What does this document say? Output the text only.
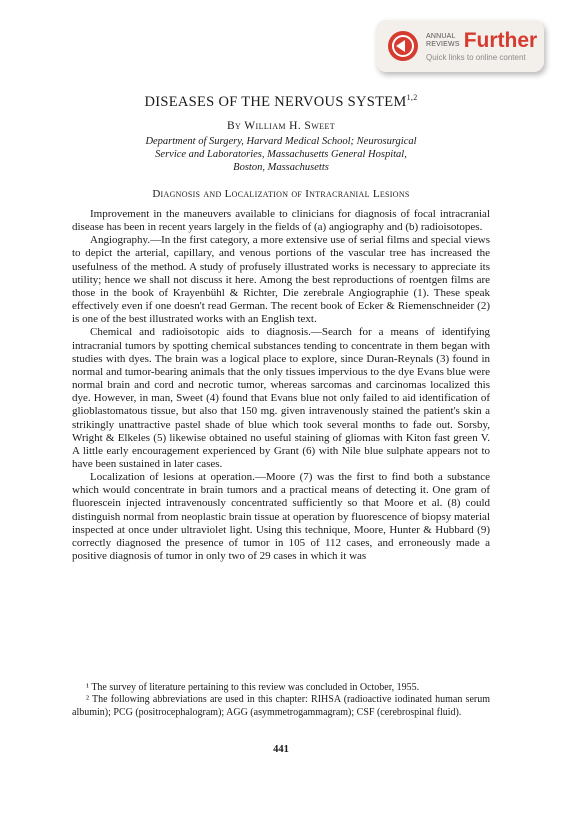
ANNUAL
REVIEWS Further
Quick links to online content
DISEASES OF THE NERVOUS SYSTEM$^{1,2}$
By William H. Sweet
Department of Surgery, Harvard Medical School; Neurosurgical
Service and Laboratories, Massachusetts General Hospital,
Boston, Massachusetts
Diagnosis and Localization of Intracranial Lesions

Improvement in the maneuvers available to clinicians for diagnosis of focal intracranial disease has been in recent years largely in the fields of (a) angiography and (b) radioisotopes.

Angiography.—In the first category, a more extensive use of serial films and special views to depict the arterial, capillary, and venous portions of the vascular tree has increased the usefulness of the method. A study of profusely illustrated works is necessary to appreciate its utility; hence we shall not discuss it here. Among the best reproductions of roentgen films are those in the book of Krayenbühl & Richter, Die zerebrale Angiographie (1). These speak effectively even if one doesn't read German. The recent book of Ecker & Riemenschneider (2) is one of the best illustrated works with an English text.

Chemical and radioisotopic aids to diagnosis.—Search for a means of identifying intracranial tumors by spotting chemical substances tending to concentrate in them began with studies with dyes. The brain was a logical place to explore, since Duran-Reynals (3) found in normal and tumor-bearing animals that the only tissues impervious to the dye Evans blue were normal brain and cord and necrotic tumor, whereas sarcomas and carcinomas localized this dye. However, in man, Sweet (4) found that Evans blue not only failed to aid identification of glioblastomatous tissue, but also that 150 mg. given intravenously stained the patient's skin a strikingly unattractive pastel shade of blue which took several months to fade out. Sorsby, Wright & Elkeles (5) likewise obtained no useful staining of gliomas with Kiton fast green V. A little early encouragement experienced by Grant (6) with Nile blue sulphate appears not to have been sustained in later cases.

Localization of lesions at operation.—Moore (7) was the first to find both a substance which would concentrate in brain tumors and a practical means of detecting it. One gram of fluorescein injected intravenously concentrated sufficiently so that Moore et al. (8) could distinguish normal from neoplastic brain tissue at operation by fluorescence of biopsy material inspected at once under ultraviolet light. Using this technique, Moore, Hunter & Hubbard (9) correctly diagnosed the presence of tumor in 105 of 112 cases, and erroneously made a positive diagnosis of tumor in only two of 29 cases in which it was

¹ The survey of literature pertaining to this review was concluded in October, 1955.

² The following abbreviations are used in this chapter: RIHSA (radioactive iodinated human serum albumin); PCG (positrocephalogram); AGG (asymmetrogammagram); CSF (cerebrospinal fluid).

441
